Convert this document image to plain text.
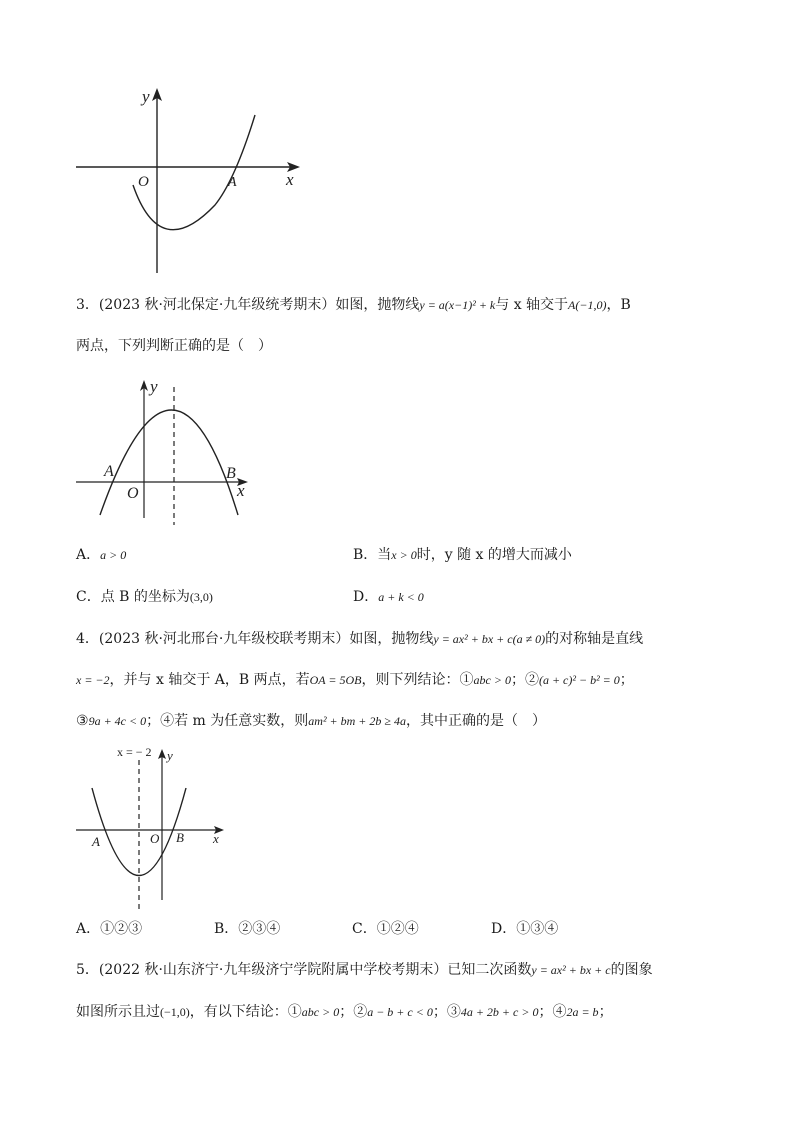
y
x
O	A
3．(2023 秋·河北保定·九年级统考期末）如图，抛物线y = a(x−1)² + k与 x 轴交于A(−1,0)，B
两点，下列判断正确的是（　）
y
x
O
A	B
A．a > 0	B．当x > 0时，y 随 x 的增大而减小
C．点 B 的坐标为(3,0)	D．a + k < 0
4．(2023 秋·河北邢台·九年级校联考期末）如图，抛物线y = ax² + bx + c(a ≠ 0)的对称轴是直线
x = −2，并与 x 轴交于 A，B 两点，若OA = 5OB，则下列结论：①abc > 0；②(a + c)² − b² = 0；
③9a + 4c < 0；④若 m 为任意实数，则am² + bm + 2b ≥ 4a，其中正确的是（　）
x = − 2 y
x
O
A	B
A．①②③	B．②③④	C．①②④	D．①③④
5．(2022 秋·山东济宁·九年级济宁学院附属中学校考期末）已知二次函数y = ax² + bx + c的图象
如图所示且过(−1,0)，有以下结论：①abc > 0；②a − b + c < 0；③4a + 2b + c > 0；④2a = b；
